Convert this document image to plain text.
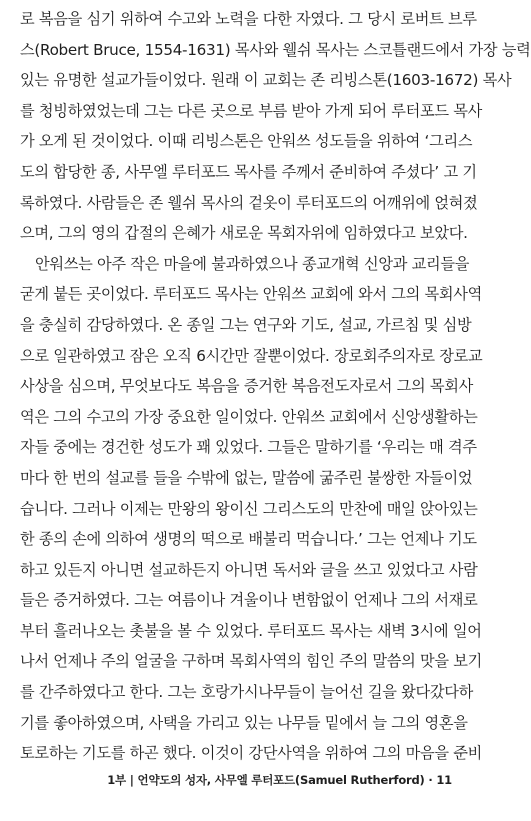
로 복음을 심기 위하여 수고와 노력을 다한 자였다. 그 당시 로버트 브루
스(Robert Bruce, 1554-1631) 목사와 웰쉬 목사는 스코틀랜드에서 가장 능력
있는 유명한 설교가들이었다. 원래 이 교회는 존 리빙스톤(1603-1672) 목사
를 청빙하였었는데 그는 다른 곳으로 부름 받아 가게 되어 루터포드 목사
가 오게 된 것이었다. 이때 리빙스톤은 안워쓰 성도들을 위하여 ‘그리스
도의 합당한 종, 사무엘 루터포드 목사를 주께서 준비하여 주셨다’ 고 기
록하였다. 사람들은 존 웰쉬 목사의 겉옷이 루터포드의 어깨위에 얹혀졌
으며, 그의 영의 갑절의 은혜가 새로운 목회자위에 임하였다고 보았다.
안워쓰는 아주 작은 마을에 불과하였으나 종교개혁 신앙과 교리들을
굳게 붙든 곳이었다. 루터포드 목사는 안워쓰 교회에 와서 그의 목회사역
을 충실히 감당하였다. 온 종일 그는 연구와 기도, 설교, 가르침 및 심방
으로 일관하였고 잠은 오직 6시간만 잘뿐이었다. 장로회주의자로 장로교
사상을 심으며, 무엇보다도 복음을 증거한 복음전도자로서 그의 목회사
역은 그의 수고의 가장 중요한 일이었다. 안워쓰 교회에서 신앙생활하는
자들 중에는 경건한 성도가 꽤 있었다. 그들은 말하기를 ‘우리는 매 격주
마다 한 번의 설교를 들을 수밖에 없는, 말씀에 굶주린 불쌍한 자들이었
습니다. 그러나 이제는 만왕의 왕이신 그리스도의 만찬에 매일 앉아있는
한 종의 손에 의하여 생명의 떡으로 배불리 먹습니다.’ 그는 언제나 기도
하고 있든지 아니면 설교하든지 아니면 독서와 글을 쓰고 있었다고 사람
들은 증거하였다. 그는 여름이나 겨울이나 변함없이 언제나 그의 서재로
부터 흘러나오는 촛불을 볼 수 있었다. 루터포드 목사는 새벽 3시에 일어
나서 언제나 주의 얼굴을 구하며 목회사역의 힘인 주의 말씀의 맛을 보기
를 간주하였다고 한다. 그는 호랑가시나무들이 늘어선 길을 왔다갔다하
기를 좋아하였으며, 사택을 가리고 있는 나무들 밑에서 늘 그의 영혼을
토로하는 기도를 하곤 했다. 이것이 강단사역을 위하여 그의 마음을 준비
1부 | 언약도의 성자, 사무엘 루터포드(Samuel Rutherford) · 11
